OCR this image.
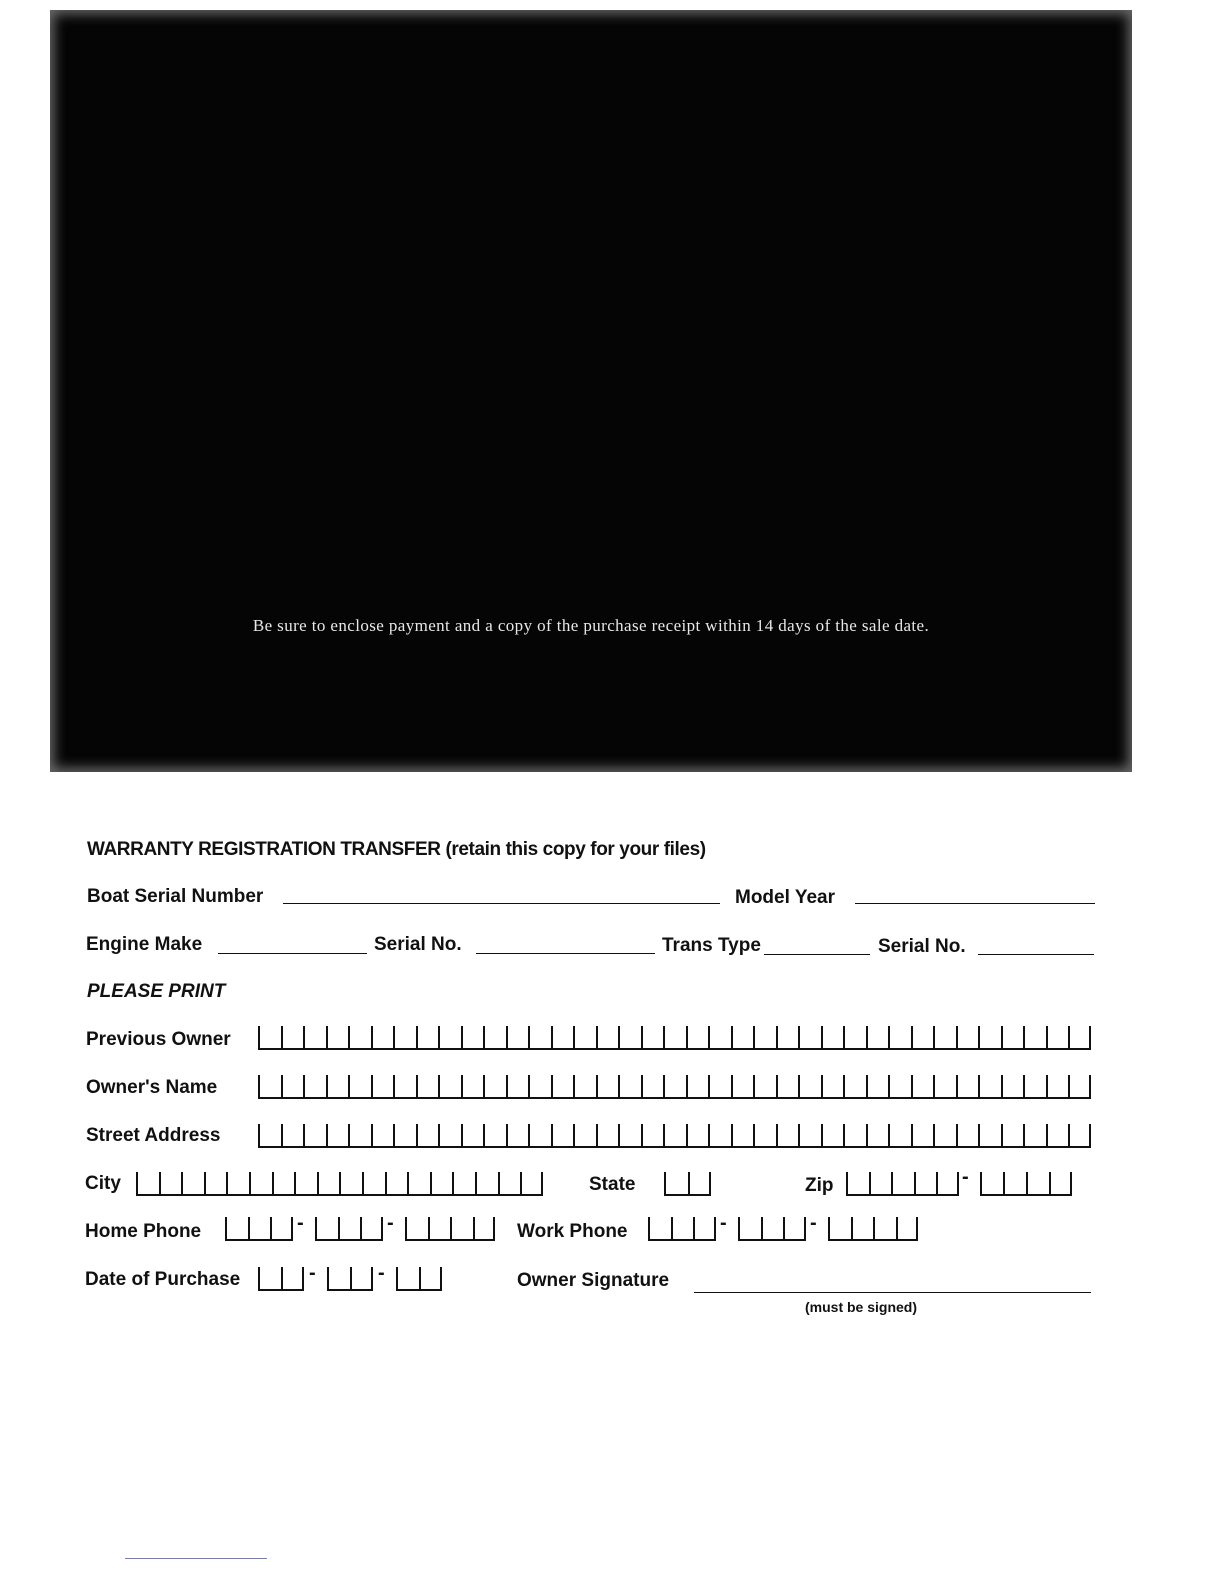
Be sure to enclose payment and a copy of the purchase receipt within 14 days of the sale date.
WARRANTY REGISTRATION TRANSFER (retain this copy for your files)
Boat Serial Number	Model Year
Engine Make	Serial No.	Trans Type	Serial No.
PLEASE PRINT
Previous Owner
Owner's Name
Street Address
City	State	Zip	-
Home Phone	-	-	Work Phone	-	-
Date of Purchase	-	-	Owner Signature
(must be signed)
